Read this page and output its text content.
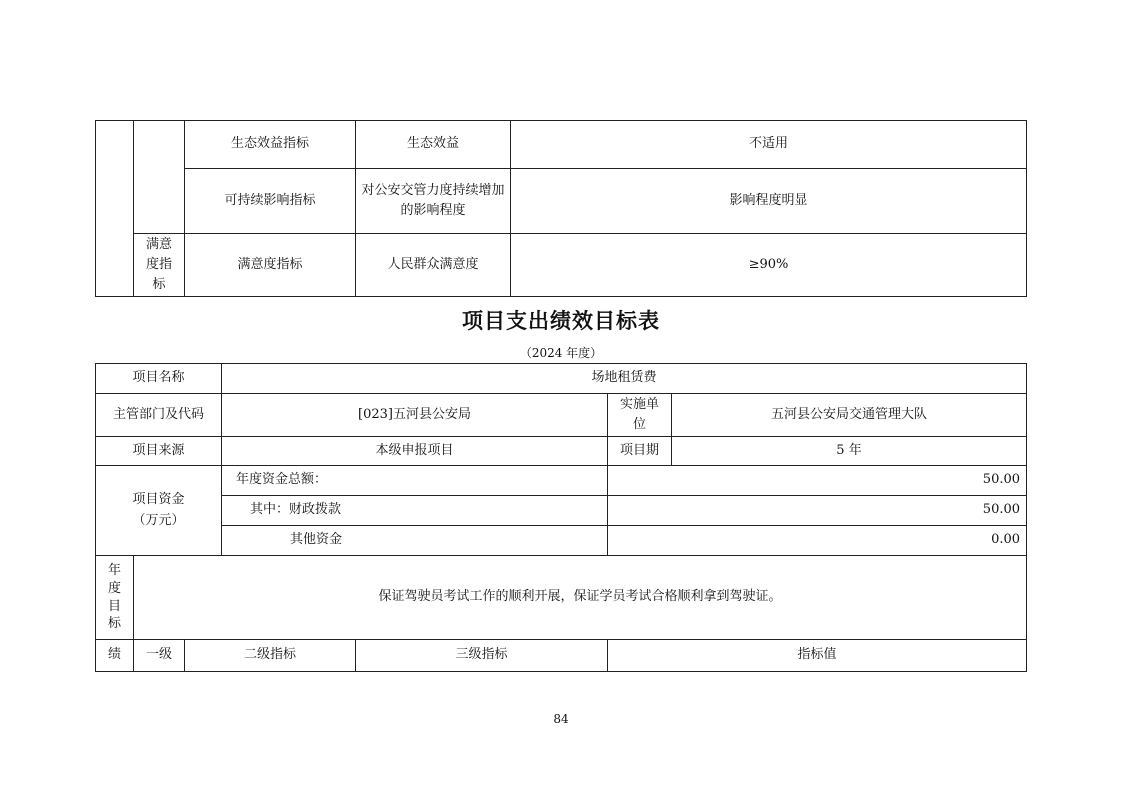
		生态效益指标	生态效益	不适用
		可持续影响指标	对公安交管力度持续增加的影响程度	影响程度明显
	满意度指标	满意度指标	人民群众满意度	≥90%
项目支出绩效目标表
（2024 年度）
项目名称			场地租赁费			
主管部门及代码			[023]五河县公安局		实施单位	五河县公安局交通管理大队
项目来源			本级申报项目		项目期	5 年

项目资金
（万元）			年度资金总额：		50.00	
			其中：财政拨款		50.00	
			其他资金		0.00	
年度目标	保证驾驶员考试工作的顺利开展，保证学员考试合格顺利拿到驾驶证。					
绩	一级	二级指标		三级指标	指标值	
84
